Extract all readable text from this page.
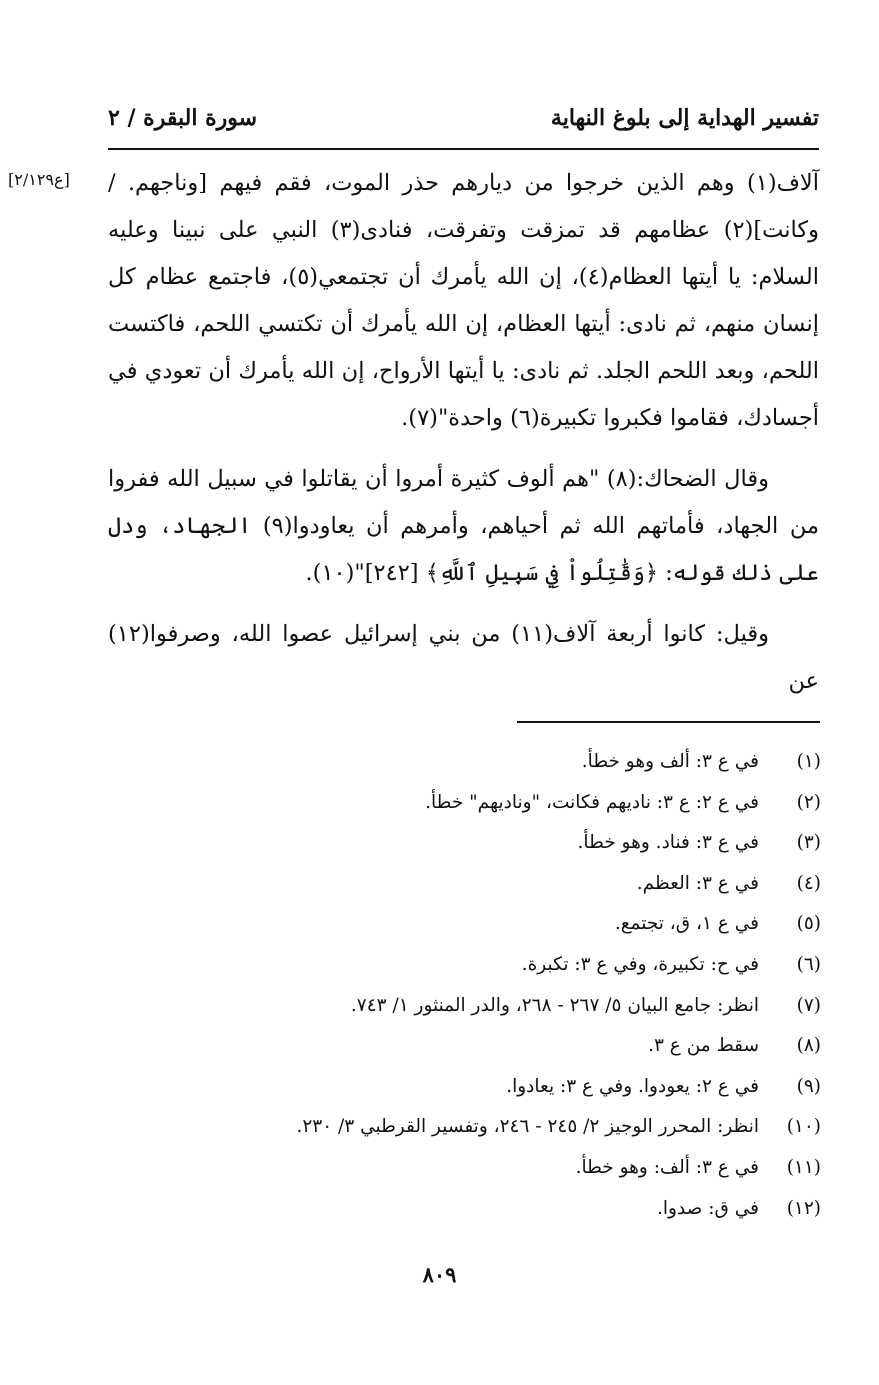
تفسير الهداية إلى بلوغ النهاية
سورة البقرة / ٢
[ع٢/١٢٩] آلاف(١) وهم الذين خرجوا من ديارهم حذر الموت، فقم فيهم [وناجهم. / وكانت](٢) عظامهم قد تمزقت وتفرقت، فنادى(٣) النبي على نبينا وعليه السلام: يا أيتها العظام(٤)، إن الله يأمرك أن تجتمعي(٥)، فاجتمع عظام كل إنسان منهم، ثم نادى: أيتها العظام، إن الله يأمرك أن تكتسي اللحم، فاكتست اللحم، وبعد اللحم الجلد. ثم نادى: يا أيتها الأرواح، إن الله يأمرك أن تعودي في أجسادك، فقاموا فكبروا تكبيرة(٦) واحدة"(٧).

وقال الضحاك:(٨) "هم ألوف كثيرة أمروا أن يقاتلوا في سبيل الله ففروا من الجهاد، فأماتهم الله ثم أحياهم، وأمرهم أن يعاودوا(٩) الجهاد، ودل على ذلك قوله: ﴿وَقَٰتِلُواْ فِي سَبِيلِ ٱللَّهِ﴾ [٢٤٢]"(١٠).

وقيل: كانوا أربعة آلاف(١١) من بني إسرائيل عصوا الله، وصرفوا(١٢) عن

(١)
في ع ٣: ألف وهو خطأ.
(٢)
في ع ٢: ع ٣: ناديهم فكانت، "وناديهم" خطأ.
(٣)
في ع ٣: فناد. وهو خطأ.
(٤)
في ع ٣: العظم.
(٥)
في ع ١، ق، تجتمع.
(٦)
في ح: تكبيرة، وفي ع ٣: تكبرة.
(٧)
انظر: جامع البيان ٥/ ٢٦٧ - ٢٦٨، والدر المنثور ١/ ٧٤٣.
(٨)
سقط من ع ٣.
(٩)
في ع ٢: يعودوا. وفي ع ٣: يعادوا.
(١٠)
انظر: المحرر الوجيز ٢/ ٢٤٥ - ٢٤٦، وتفسير القرطبي ٣/ ٢٣٠.
(١١)
في ع ٣: ألف: وهو خطأ.
(١٢)
في ق: صدوا.
٨٠٩
